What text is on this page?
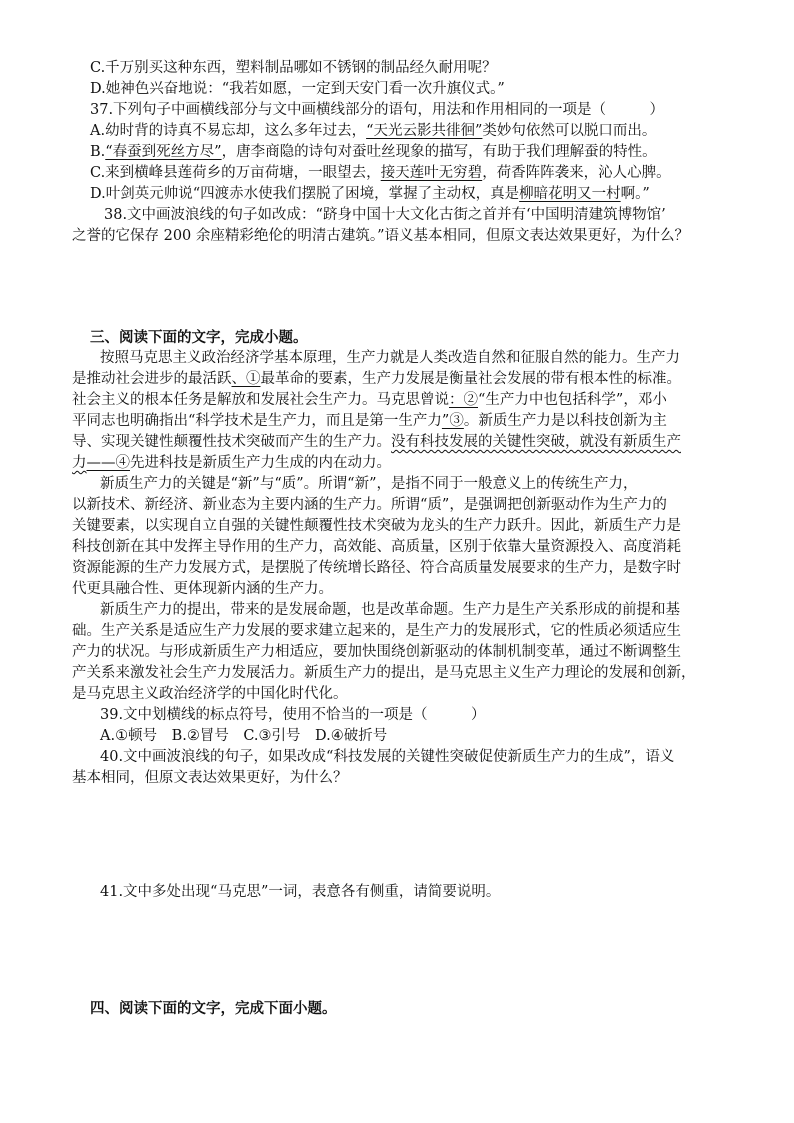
C.千万别买这种东西，塑料制品哪如不锈钢的制品经久耐用呢？
D.她神色兴奋地说：“我若如愿，一定到天安门看一次升旗仪式。”
37.下列句子中画横线部分与文中画横线部分的语句，用法和作用相同的一项是（　　　）
A.幼时背的诗真不易忘却，这么多年过去，“天光云影共徘徊”类妙句依然可以脱口而出。
B.“春蚕到死丝方尽”，唐李商隐的诗句对蚕吐丝现象的描写，有助于我们理解蚕的特性。
C.来到横峰县莲荷乡的万亩荷塘，一眼望去，接天莲叶无穷碧，荷香阵阵袭来，沁人心脾。
D.叶剑英元帅说“四渡赤水使我们摆脱了困境，掌握了主动权，真是柳暗花明又一村啊。”
38.文中画波浪线的句子如改成：“跻身中国十大文化古街之首并有‘中国明清建筑博物馆’
之誉的它保存 200 余座精彩绝伦的明清古建筑。”语义基本相同，但原文表达效果更好，为什么？
三、阅读下面的文字，完成小题。
按照马克思主义政治经济学基本原理，生产力就是人类改造自然和征服自然的能力。生产力
是推动社会进步的最活跃、①最革命的要素，生产力发展是衡量社会发展的带有根本性的标准。
社会主义的根本任务是解放和发展社会生产力。马克思曾说：②“生产力中也包括科学”，邓小
平同志也明确指出“科学技术是生产力，而且是第一生产力”③。新质生产力是以科技创新为主
导、实现关键性颠覆性技术突破而产生的生产力。没有科技发展的关键性突破，就没有新质生产
力——④先进科技是新质生产力生成的内在动力。
新质生产力的关键是“新”与“质”。所谓“新”，是指不同于一般意义上的传统生产力，
以新技术、新经济、新业态为主要内涵的生产力。所谓“质”，是强调把创新驱动作为生产力的
关键要素，以实现自立自强的关键性颠覆性技术突破为龙头的生产力跃升。因此，新质生产力是
科技创新在其中发挥主导作用的生产力，高效能、高质量，区别于依靠大量资源投入、高度消耗
资源能源的生产力发展方式，是摆脱了传统增长路径、符合高质量发展要求的生产力，是数字时
代更具融合性、更体现新内涵的生产力。
新质生产力的提出，带来的是发展命题，也是改革命题。生产力是生产关系形成的前提和基
础。生产关系是适应生产力发展的要求建立起来的，是生产力的发展形式，它的性质必须适应生
产力的状况。与形成新质生产力相适应，要加快围绕创新驱动的体制机制变革，通过不断调整生
产关系来激发社会生产力发展活力。新质生产力的提出，是马克思主义生产力理论的发展和创新，
是马克思主义政治经济学的中国化时代化。
39.文中划横线的标点符号，使用不恰当的一项是（　　　）
A.①顿号　B.②冒号　C.③引号　D.④破折号
40.文中画波浪线的句子，如果改成“科技发展的关键性突破促使新质生产力的生成”，语义
基本相同，但原文表达效果更好，为什么？
41.文中多处出现“马克思”一词，表意各有侧重，请简要说明。
四、阅读下面的文字，完成下面小题。
